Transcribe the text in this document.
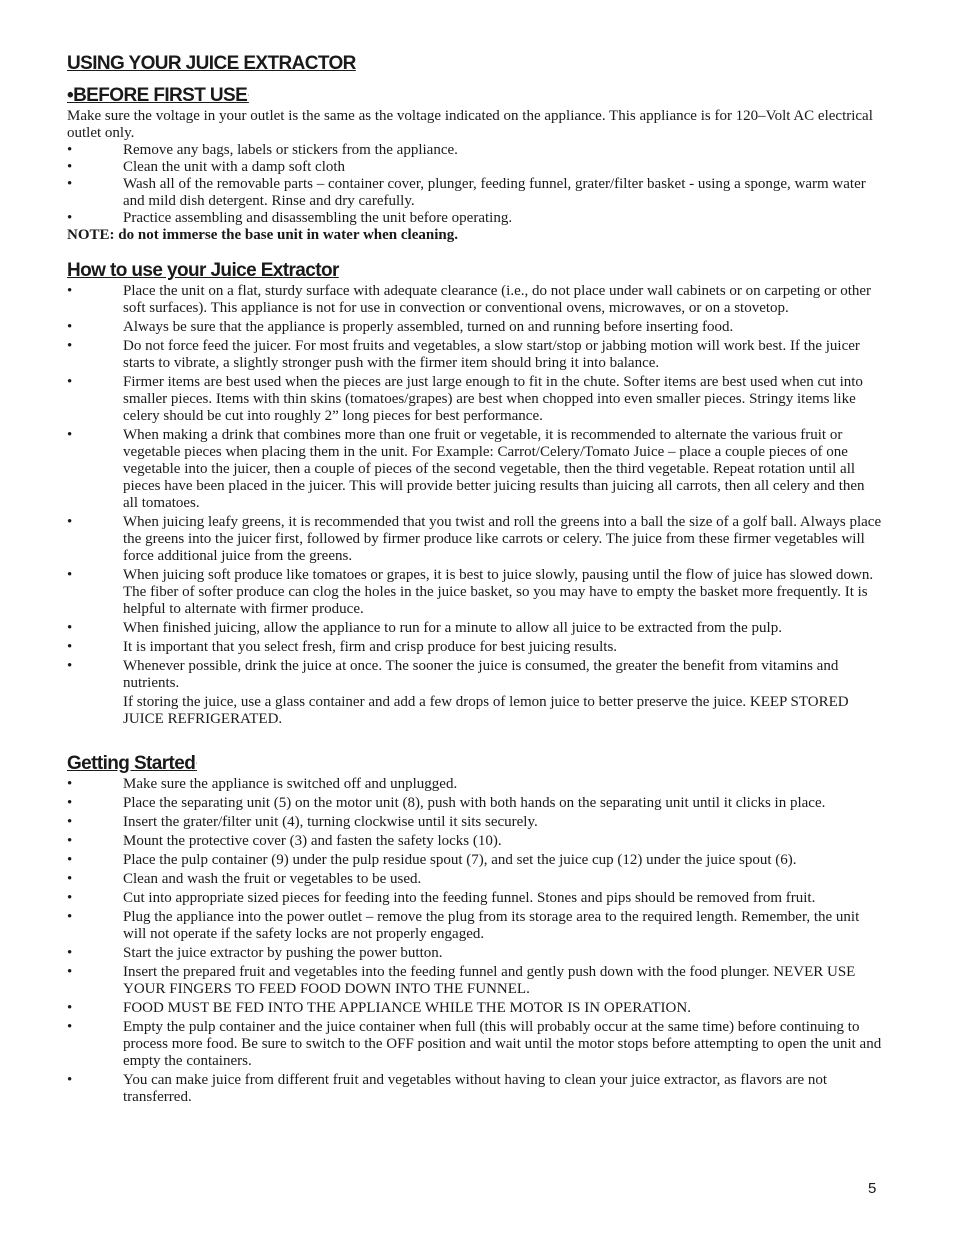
USING YOUR JUICE EXTRACTOR
•BEFORE FIRST USE·

Make sure the voltage in your outlet is the same as the voltage indicated on the appliance. This appliance is for 120–Volt AC electrical outlet only.

•	Remove any bags, labels or stickers from the appliance.
•	Clean the unit with a damp soft cloth
•	Wash all of the removable parts – container cover, plunger, feeding funnel, grater/filter basket - using a sponge, warm water and mild dish detergent. Rinse and dry carefully.
•	Practice assembling and disassembling the unit before operating.

NOTE: do not immerse the base unit in water when cleaning.

How to use your Juice Extractor
•	Place the unit on a flat, sturdy surface with adequate clearance (i.e., do not place under wall cabinets or on carpeting or other soft surfaces). This appliance is not for use in convection or conventional ovens, microwaves, or on a stovetop.
•	Always be sure that the appliance is properly assembled, turned on and running before inserting food.
•	Do not force feed the juicer. For most fruits and vegetables, a slow start/stop or jabbing motion will work best. If the juicer starts to vibrate, a slightly stronger push with the firmer item should bring it into balance.
•	Firmer items are best used when the pieces are just large enough to fit in the chute. Softer items are best used when cut into smaller pieces. Items with thin skins (tomatoes/grapes) are best when chopped into even smaller pieces. Stringy items like celery should be cut into roughly 2” long pieces for best performance.
•	When making a drink that combines more than one fruit or vegetable, it is recommended to alternate the various fruit or vegetable pieces when placing them in the unit. For Example: Carrot/Celery/Tomato Juice – place a couple pieces of one vegetable into the juicer, then a couple of pieces of the second vegetable, then the third vegetable. Repeat rotation until all pieces have been placed in the juicer. This will provide better juicing results than juicing all carrots, then all celery and then all tomatoes.
•	When juicing leafy greens, it is recommended that you twist and roll the greens into a ball the size of a golf ball. Always place the greens into the juicer first, followed by firmer produce like carrots or celery. The juice from these firmer vegetables will force additional juice from the greens.
•	When juicing soft produce like tomatoes or grapes, it is best to juice slowly, pausing until the flow of juice has slowed down. The fiber of softer produce can clog the holes in the juice basket, so you may have to empty the basket more frequently. It is helpful to alternate with firmer produce.
•	When finished juicing, allow the appliance to run for a minute to allow all juice to be extracted from the pulp.
•	It is important that you select fresh, firm and crisp produce for best juicing results.
•	Whenever possible, drink the juice at once. The sooner the juice is consumed, the greater the benefit from vitamins and nutrients.

If storing the juice, use a glass container and add a few drops of lemon juice to better preserve the juice. KEEP STORED JUICE REFRIGERATED.

Getting Started·
•	Make sure the appliance is switched off and unplugged.
•	Place the separating unit (5) on the motor unit (8), push with both hands on the separating unit until it clicks in place.
•	Insert the grater/filter unit (4), turning clockwise until it sits securely.
•	Mount the protective cover (3) and fasten the safety locks (10).
•	Place the pulp container (9) under the pulp residue spout (7), and set the juice cup (12) under the juice spout (6).
•	Clean and wash the fruit or vegetables to be used.
•	Cut into appropriate sized pieces for feeding into the feeding funnel. Stones and pips should be removed from fruit.
•	Plug the appliance into the power outlet – remove the plug from its storage area to the required length. Remember, the unit will not operate if the safety locks are not properly engaged.
•	Start the juice extractor by pushing the power button.
•	Insert the prepared fruit and vegetables into the feeding funnel and gently push down with the food plunger. NEVER USE YOUR FINGERS TO FEED FOOD DOWN INTO THE FUNNEL.
•	FOOD MUST BE FED INTO THE APPLIANCE WHILE THE MOTOR IS IN OPERATION.
•	Empty the pulp container and the juice container when full (this will probably occur at the same time) before continuing to process more food. Be sure to switch to the OFF position and wait until the motor stops before attempting to open the unit and empty the containers.
•	You can make juice from different fruit and vegetables without having to clean your juice extractor, as flavors are not transferred.
5
